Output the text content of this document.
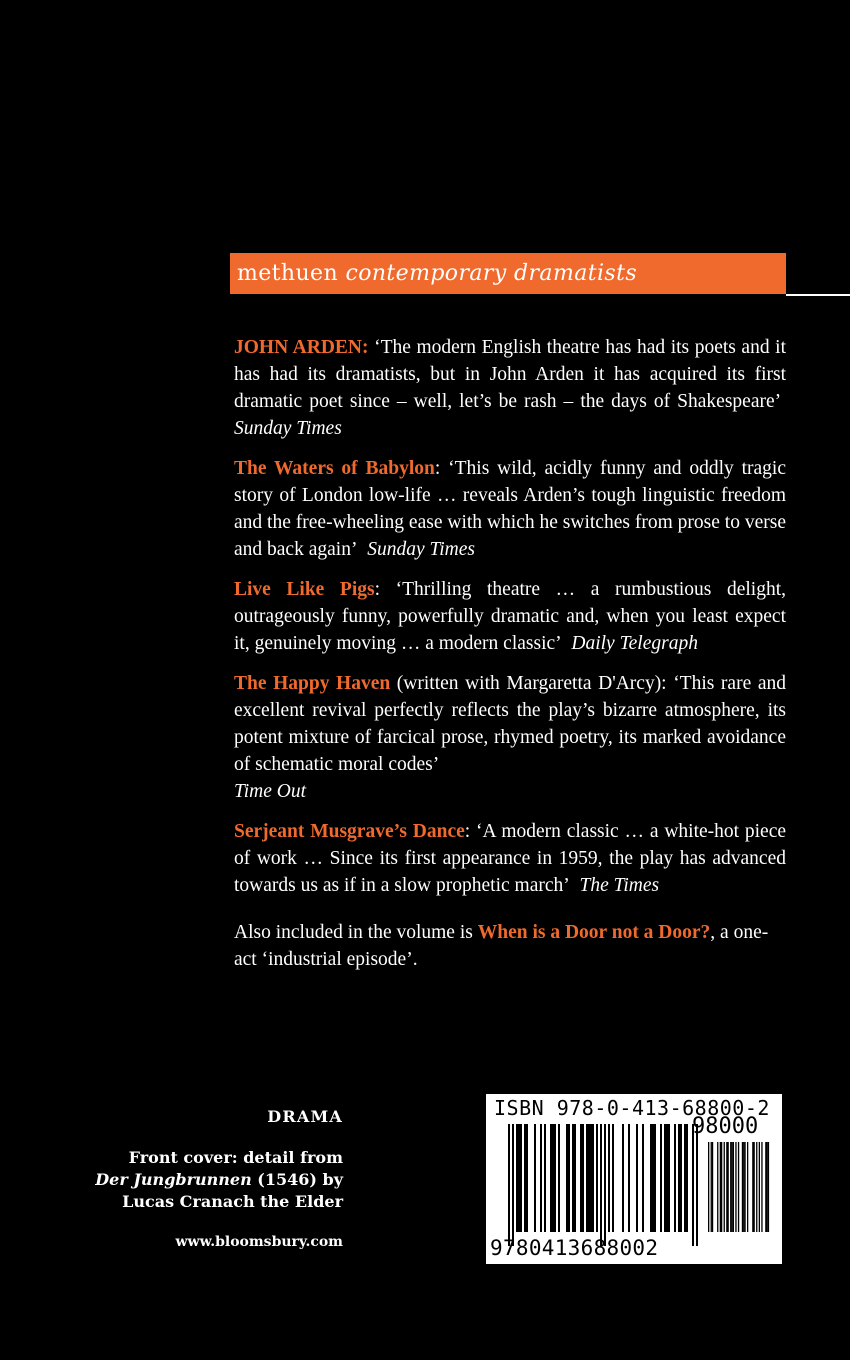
methuen contemporary dramatists

JOHN ARDEN: ‘The modern English theatre has had its poets and it has had its dramatists, but in John Arden it has acquired its first dramatic poet since – well, let’s be rash – the days of Shakespeare’  Sunday Times

The Waters of Babylon: ‘This wild, acidly funny and oddly tragic story of London low-life … reveals Arden’s tough linguistic freedom and the free-wheeling ease with which he switches from prose to verse and back again’ Sunday Times

Live Like Pigs: ‘Thrilling theatre … a rumbustious delight, outrageously funny, powerfully dramatic and, when you least expect it, genuinely moving … a modern classic’ Daily Telegraph

The Happy Haven (written with Margaretta D'Arcy): ‘This rare and excellent revival perfectly reflects the play’s bizarre atmosphere, its potent mixture of farcical prose, rhymed poetry, its marked avoidance of schematic moral codes’
Time Out

Serjeant Musgrave’s Dance: ‘A modern classic … a white-hot piece of work … Since its first appearance in 1959, the play has advanced towards us as if in a slow prophetic march’ The Times

Also included in the volume is When is a Door not a Door?, a one-act ‘industrial episode’.

DRAMA
Front cover: detail from
Der Jungbrunnen (1546) by
Lucas Cranach the Elder
www.bloomsbury.com
ISBN 978-0-413-68800-2
98000
9780413688002
